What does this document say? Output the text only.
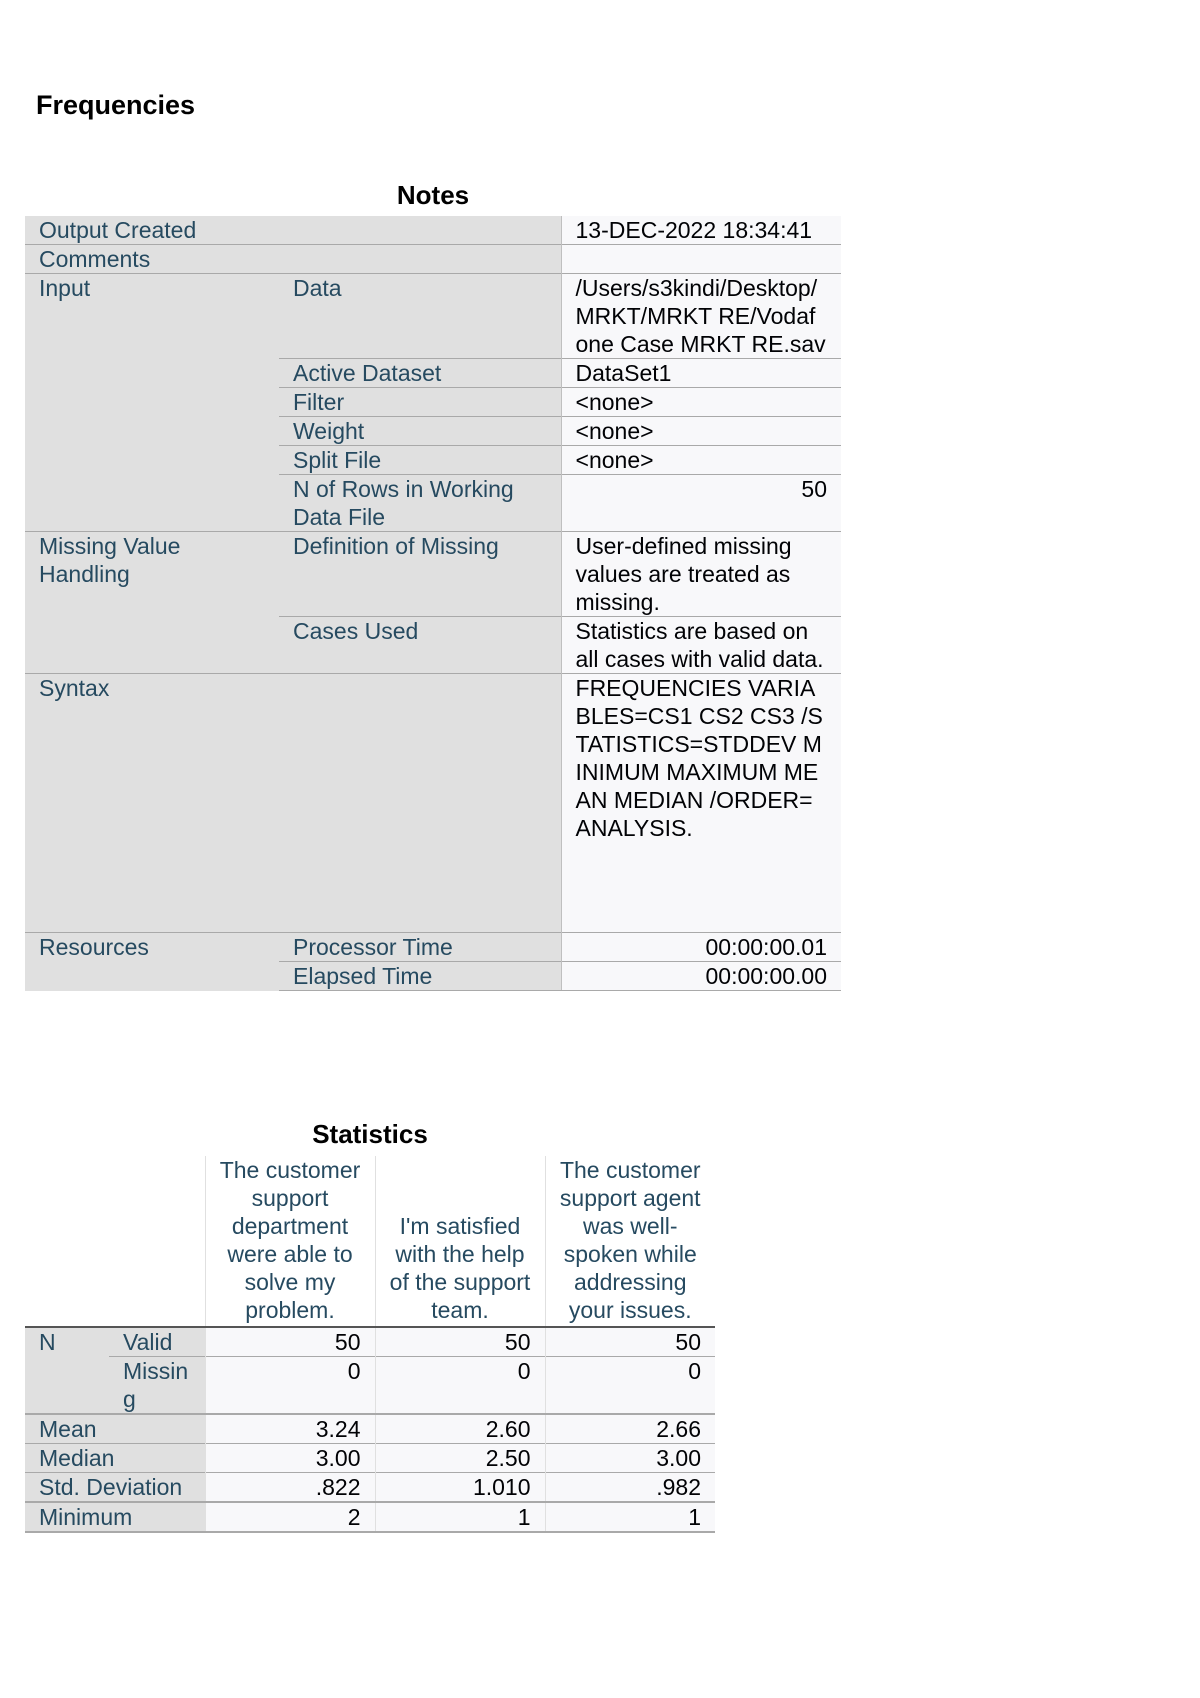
Frequencies
Notes
Output Created		13-DEC-2022 18:34:41
Comments		
Input	Data	/Users/s3kindi/Desktop/MRKT/MRKT RE/Vodafone Case MRKT RE.sav
	Active Dataset	DataSet1
	Filter	<none>
	Weight	<none>
	Split File	<none>
	N of Rows in Working Data File	50
Missing Value Handling	Definition of Missing	User-defined missing values are treated as missing.
	Cases Used	Statistics are based on all cases with valid data.
Syntax		FREQUENCIES VARIABLES=CS1 CS2 CS3 /STATISTICS=STDDEV MINIMUM MAXIMUM MEAN MEDIAN /ORDER=ANALYSIS.
Resources	Processor Time	00:00:00.01
	Elapsed Time	00:00:00.00
Statistics
		The customer support department were able to solve my problem.	I'm satisfied with the help of the support team.	The customer support agent was well-spoken while addressing your issues.
N	Valid	50	50	50
	Missing	0	0	0
Mean		3.24	2.60	2.66
Median		3.00	2.50	3.00
Std. Deviation		.822	1.010	.982
Minimum		2	1	1
